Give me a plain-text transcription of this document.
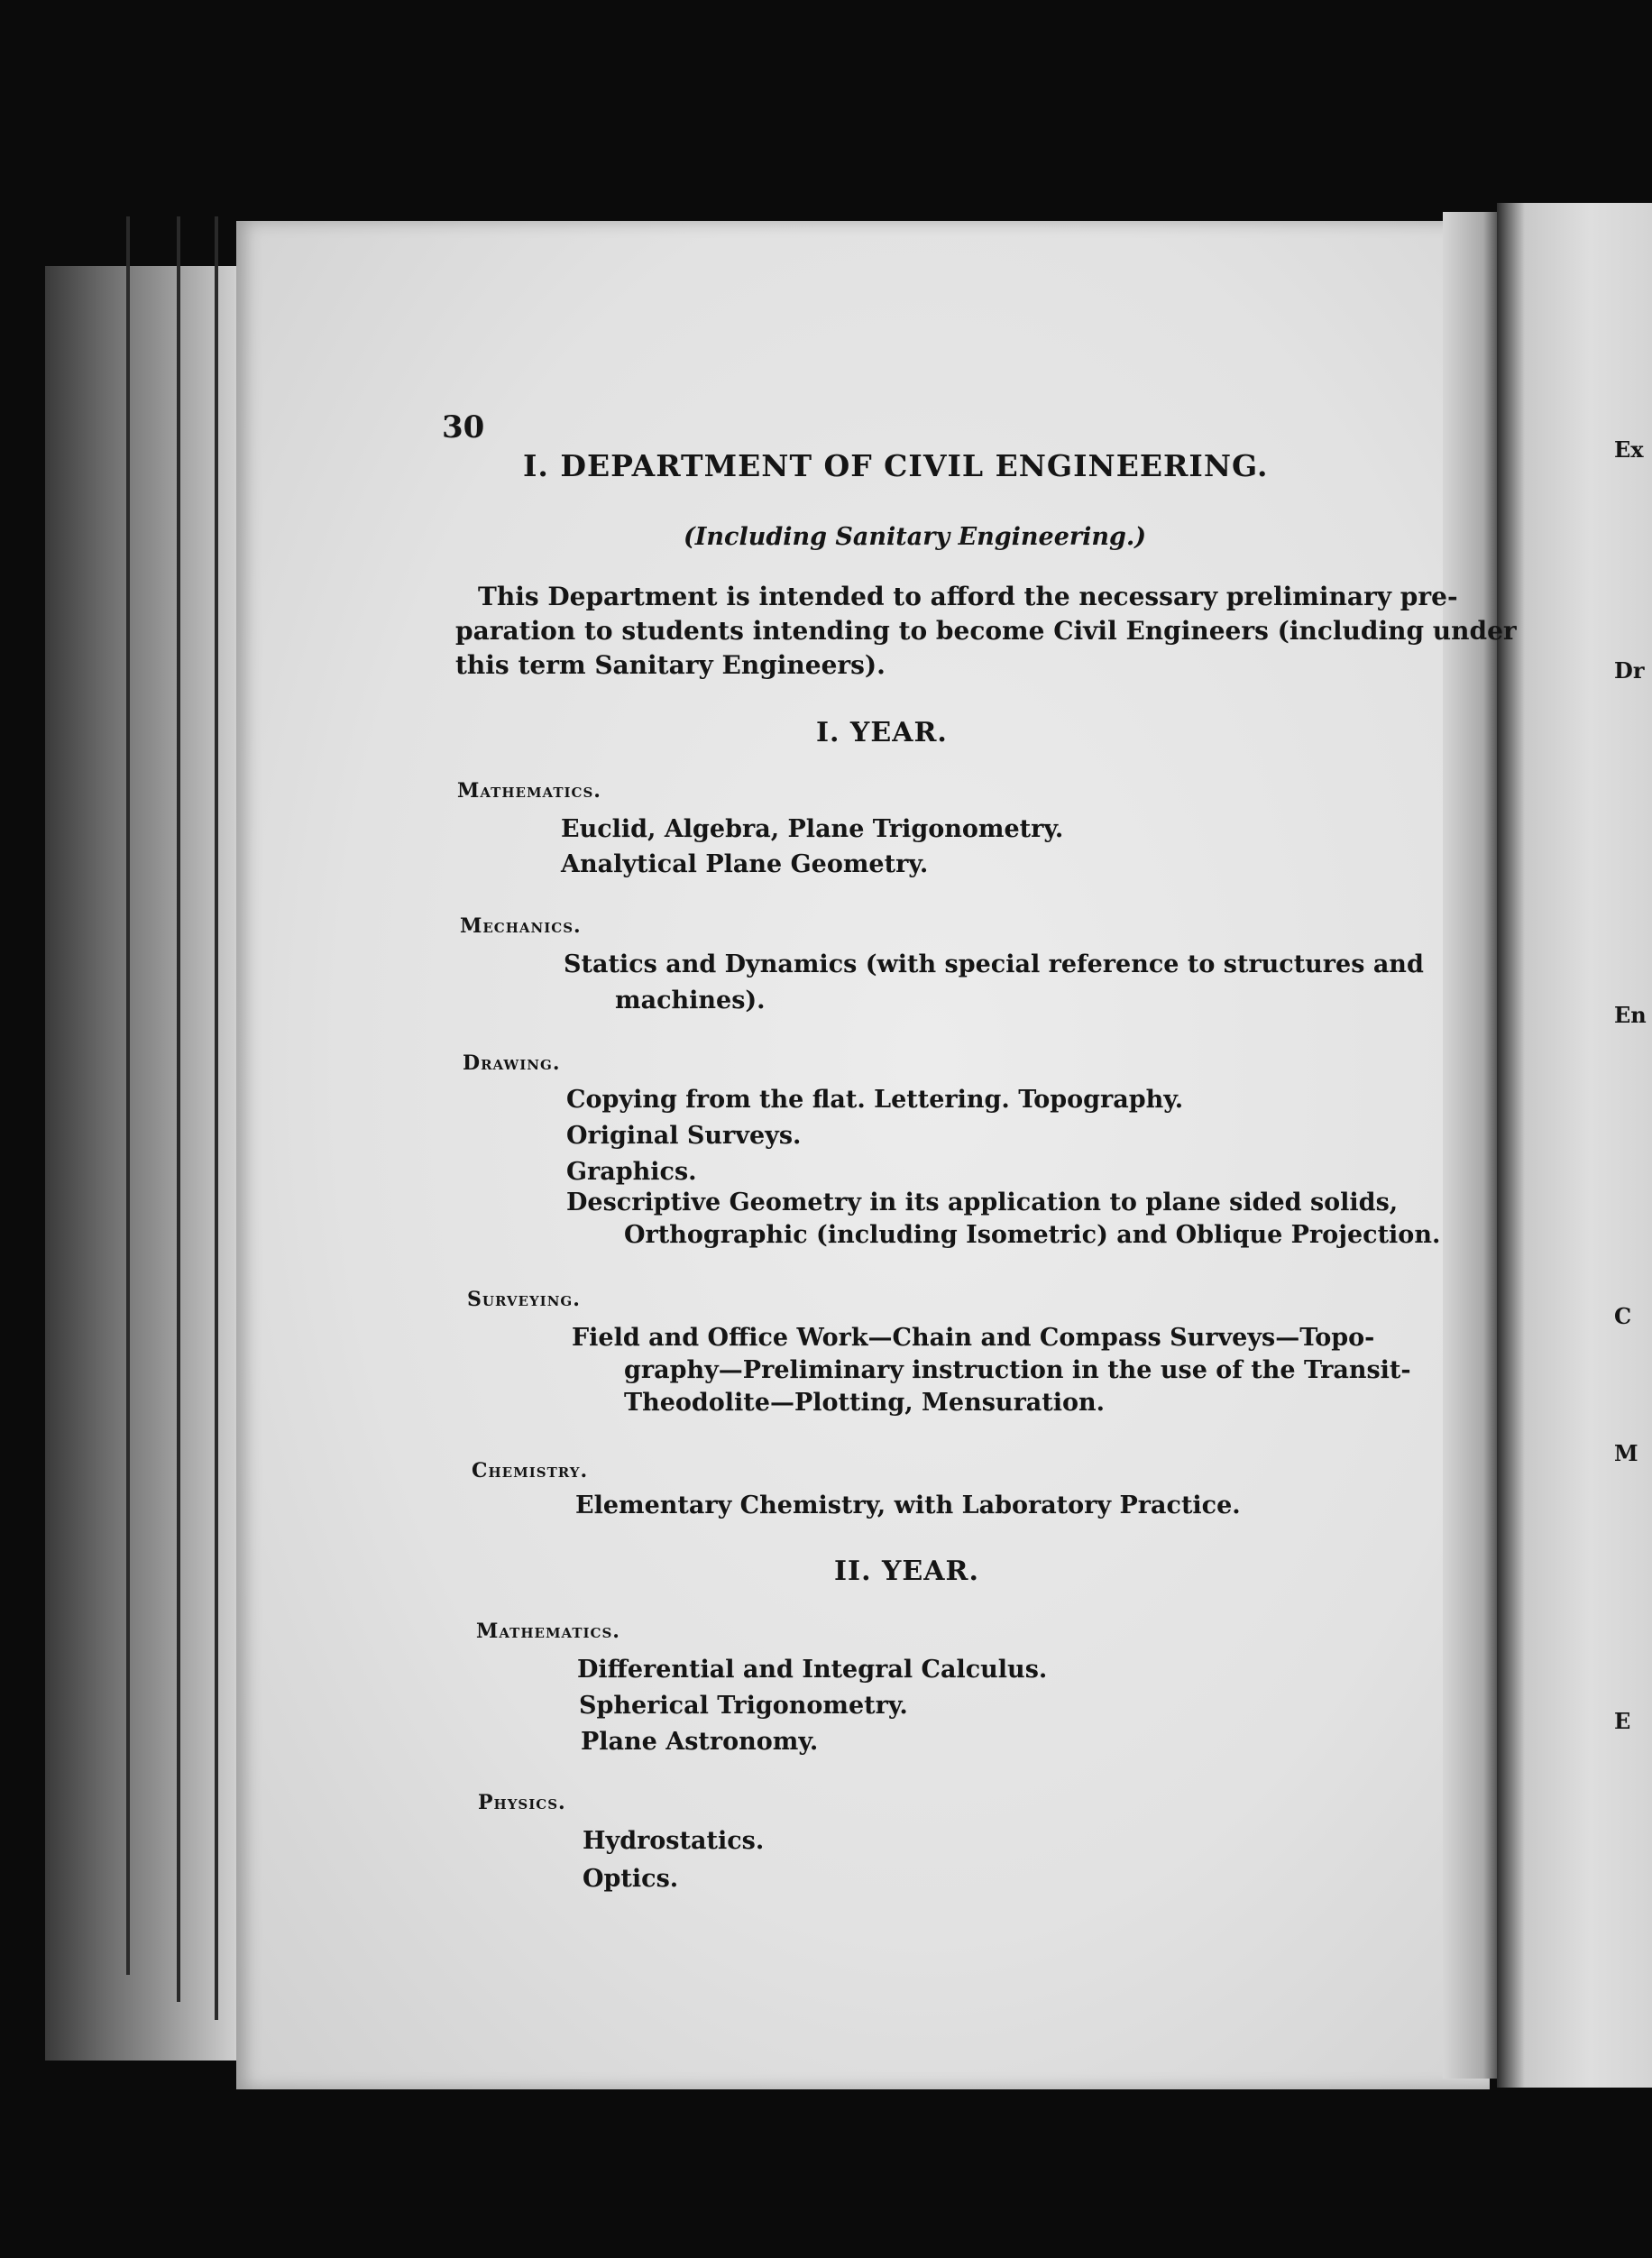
Ex
Dr
En
C
M
E
30
I. DEPARTMENT OF CIVIL ENGINEERING.
(Including Sanitary Engineering.)
This Department is intended to afford the necessary preliminary pre-
paration to students intending to become Civil Engineers (including under
this term Sanitary Engineers).
I. YEAR.
Mathematics.
Euclid, Algebra, Plane Trigonometry.
Analytical Plane Geometry.
Mechanics.
Statics and Dynamics (with special reference to structures and
machines).
Drawing.
Copying from the flat. Lettering. Topography.
Original Surveys.
Graphics.
Descriptive Geometry in its application to plane sided solids,
Orthographic (including Isometric) and Oblique Projection.
Surveying.
Field and Office Work—Chain and Compass Surveys—Topo-
graphy—Preliminary instruction in the use of the Transit-
Theodolite—Plotting, Mensuration.
Chemistry.
Elementary Chemistry, with Laboratory Practice.
II. YEAR.
Mathematics.
Differential and Integral Calculus.
Spherical Trigonometry.
Plane Astronomy.
Physics.
Hydrostatics.
Optics.
